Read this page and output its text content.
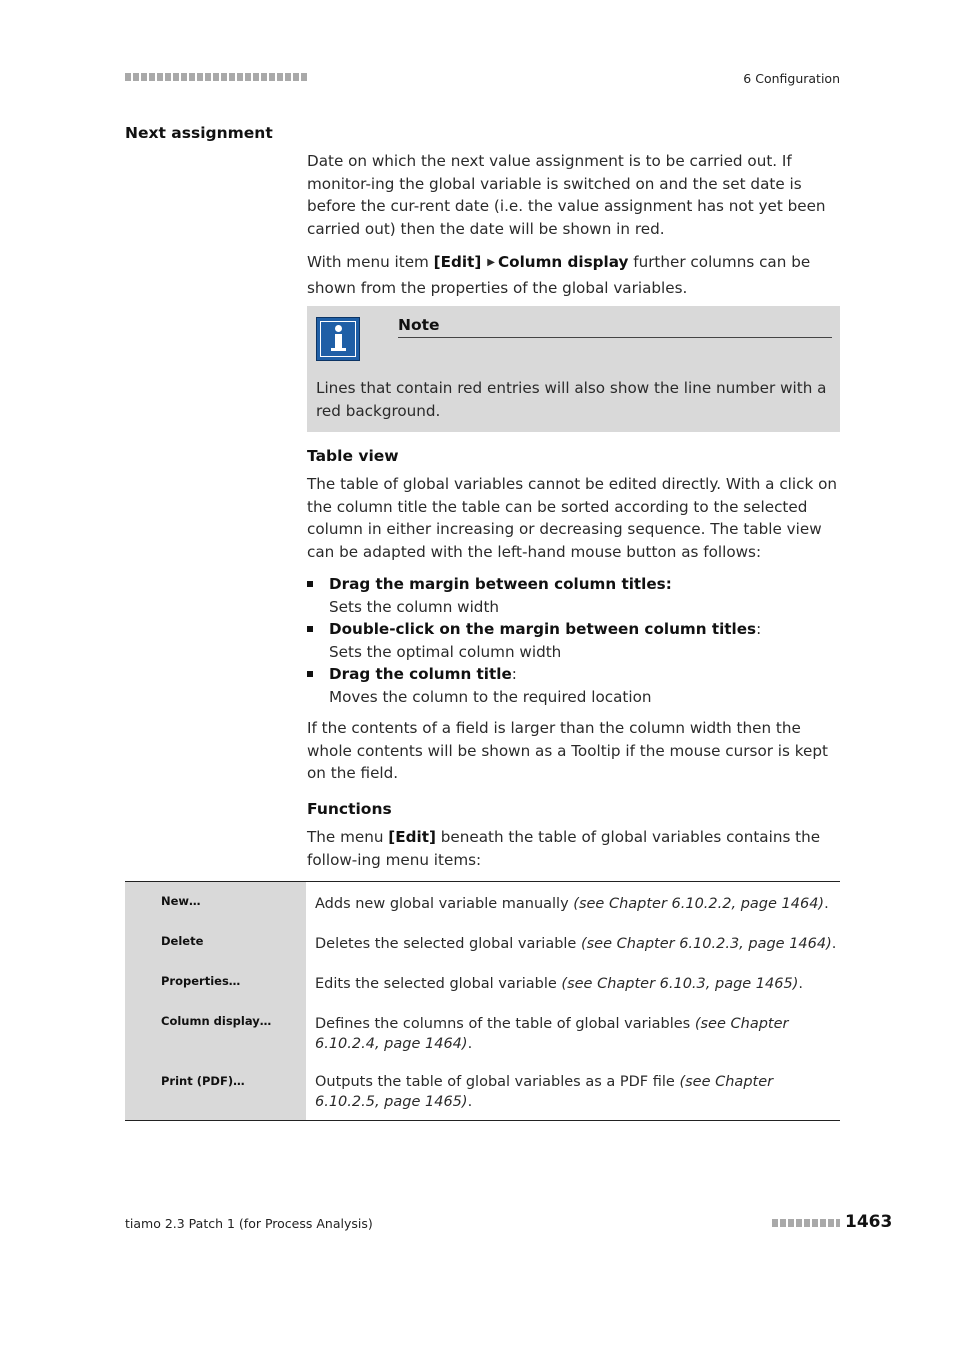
6 Configuration
Next assignment

Date on which the next value assignment is to be carried out. If monitor-ing the global variable is switched on and the set date is before the cur-rent date (i.e. the value assignment has not yet been carried out) then the date will be shown in red.

With menu item [Edit] ▶ Column display further columns can be shown from the properties of the global variables.

Note
Lines that contain red entries will also show the line number with a red background.
Table view

The table of global variables cannot be edited directly. With a click on the column title the table can be sorted according to the selected column in either increasing or decreasing sequence. The table view can be adapted with the left-hand mouse button as follows:

Drag the margin between column titles:
Sets the column width
Double-click on the margin between column titles:
Sets the optimal column width
Drag the column title:
Moves the column to the required location

If the contents of a field is larger than the column width then the whole contents will be shown as a Tooltip if the mouse cursor is kept on the field.

Functions

The menu [Edit] beneath the table of global variables contains the follow-ing menu items:

New…	Adds new global variable manually (see Chapter 6.10.2.2, page 1464).
Delete	Deletes the selected global variable (see Chapter 6.10.2.3, page 1464).
Properties…	Edits the selected global variable (see Chapter 6.10.3, page 1465).
Column display…	Defines the columns of the table of global variables (see Chapter 6.10.2.4, page 1464).
Print (PDF)…	Outputs the table of global variables as a PDF file (see Chapter 6.10.2.5, page 1465).
tiamo 2.3 Patch 1 (for Process Analysis)	1463
